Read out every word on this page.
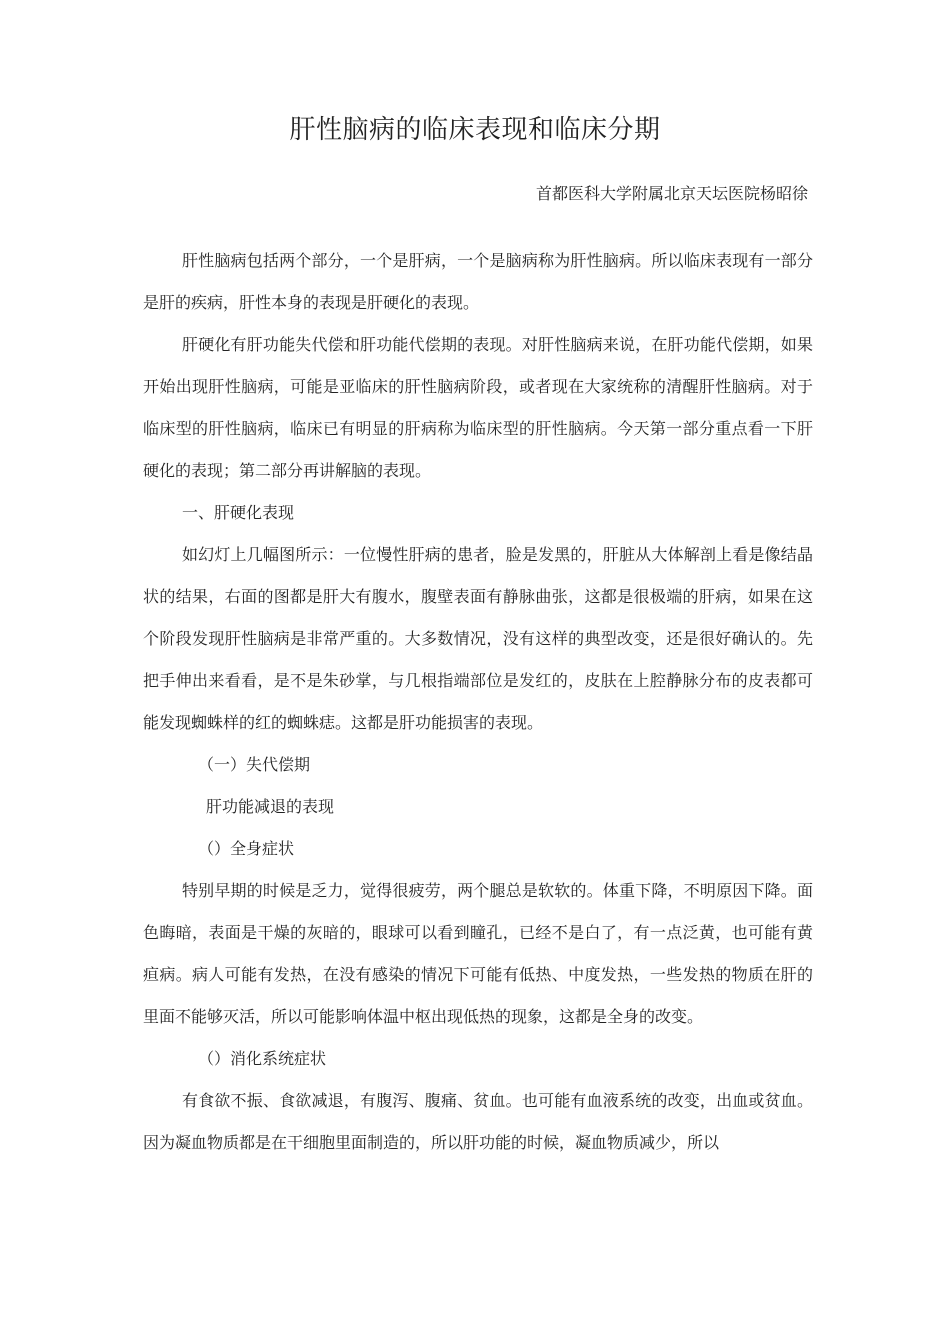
肝性脑病的临床表现和临床分期
首都医科大学附属北京天坛医院杨昭徐

肝性脑病包括两个部分，一个是肝病，一个是脑病称为肝性脑病。所以临床表现有一部分是肝的疾病，肝性本身的表现是肝硬化的表现。

肝硬化有肝功能失代偿和肝功能代偿期的表现。对肝性脑病来说，在肝功能代偿期，如果开始出现肝性脑病，可能是亚临床的肝性脑病阶段，或者现在大家统称的清醒肝性脑病。对于临床型的肝性脑病，临床已有明显的肝病称为临床型的肝性脑病。今天第一部分重点看一下肝硬化的表现；第二部分再讲解脑的表现。

一、肝硬化表现

如幻灯上几幅图所示：一位慢性肝病的患者，脸是发黑的，肝脏从大体解剖上看是像结晶状的结果，右面的图都是肝大有腹水，腹壁表面有静脉曲张，这都是很极端的肝病，如果在这个阶段发现肝性脑病是非常严重的。大多数情况，没有这样的典型改变，还是很好确认的。先把手伸出来看看，是不是朱砂掌，与几根指端部位是发红的，皮肤在上腔静脉分布的皮表都可能发现蜘蛛样的红的蜘蛛痣。这都是肝功能损害的表现。

（一）失代偿期

肝功能减退的表现

（）全身症状

特别早期的时候是乏力，觉得很疲劳，两个腿总是软软的。体重下降，不明原因下降。面色晦暗，表面是干燥的灰暗的，眼球可以看到瞳孔，已经不是白了，有一点泛黄，也可能有黄疸病。病人可能有发热，在没有感染的情况下可能有低热、中度发热，一些发热的物质在肝的里面不能够灭活，所以可能影响体温中枢出现低热的现象，这都是全身的改变。

（）消化系统症状

有食欲不振、食欲减退，有腹泻、腹痛、贫血。也可能有血液系统的改变，出血或贫血。因为凝血物质都是在干细胞里面制造的，所以肝功能的时候，凝血物质减少，所以
